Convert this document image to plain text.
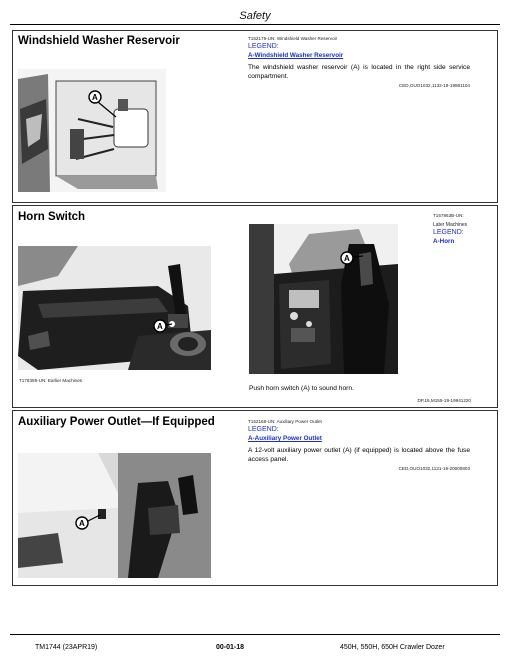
Safety
Windshield Washer Reservoir
A
T152175-UN: Windshield Washer Reservoir
LEGEND:
A-Windshield Washer Reservoir
The windshield washer reservoir (A) is located in the right side service compartment.
CED,OUO1032,1132-19-19981104
Horn Switch
A
T178359-UN: Earlier Machines
A
T157863B-UN:
Later Machines
LEGEND:
A-Horn
Push horn switch (A) to sound horn.
DP,16,M155-19-19941220
Auxiliary Power Outlet—If Equipped
A
T152168-UN: Auxiliary Power Outlet
LEGEND:
A-Auxiliary Power Outlet
A 12-volt auxiliary power outlet (A) (if equipped) is located above the fuse access panel.
CED,OUO1032,1131-19-20000803
TM1744 (23APR19)	00-01-18	450H, 550H, 650H Crawler Dozer
